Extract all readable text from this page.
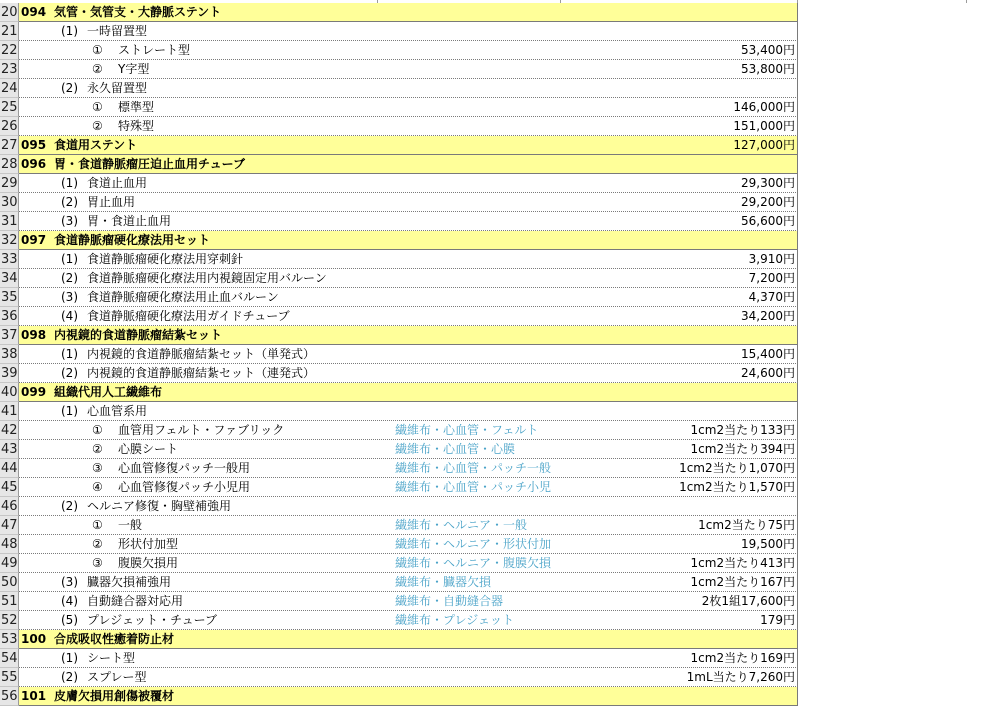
20 094 気管・気管支・大静脈ステント
21	(1) 一時留置型
22	① ストレート型	53,400円
23	② Y字型	53,800円
24	(2) 永久留置型
25	① 標準型	146,000円
26	② 特殊型	151,000円
27 095 食道用ステント	127,000円
28 096 胃・食道静脈瘤圧迫止血用チューブ
29	(1) 食道止血用	29,300円
30	(2) 胃止血用	29,200円
31	(3) 胃・食道止血用	56,600円
32 097 食道静脈瘤硬化療法用セット
33	(1) 食道静脈瘤硬化療法用穿刺針	3,910円
34	(2) 食道静脈瘤硬化療法用内視鏡固定用バルーン	7,200円
35	(3) 食道静脈瘤硬化療法用止血バルーン	4,370円
36	(4) 食道静脈瘤硬化療法用ガイドチューブ	34,200円
37 098 内視鏡的食道静脈瘤結紮セット
38	(1) 内視鏡的食道静脈瘤結紮セット（単発式）	15,400円
39	(2) 内視鏡的食道静脈瘤結紮セット（連発式）	24,600円
40 099 組織代用人工繊維布
41	(1) 心血管系用
42	① 血管用フェルト・ファブリック	繊維布・心血管・フェルト	1cm2当たり133円
43	② 心膜シート	繊維布・心血管・心膜	1cm2当たり394円
44	③ 心血管修復パッチ一般用	繊維布・心血管・パッチ一般	1cm2当たり1,070円
45	④ 心血管修復パッチ小児用	繊維布・心血管・パッチ小児	1cm2当たり1,570円
46	(2) ヘルニア修復・胸壁補強用
47	① 一般	繊維布・ヘルニア・一般	1cm2当たり75円
48	② 形状付加型	繊維布・ヘルニア・形状付加	19,500円
49	③ 腹膜欠損用	繊維布・ヘルニア・腹膜欠損	1cm2当たり413円
50	(3) 臓器欠損補強用	繊維布・臓器欠損	1cm2当たり167円
51	(4) 自動縫合器対応用	繊維布・自動縫合器	2枚1組17,600円
52	(5) プレジェット・チューブ	繊維布・プレジェット	179円
53 100 合成吸収性癒着防止材
54	(1) シート型	1cm2当たり169円
55	(2) スプレー型	1mL当たり7,260円
56 101 皮膚欠損用創傷被覆材
